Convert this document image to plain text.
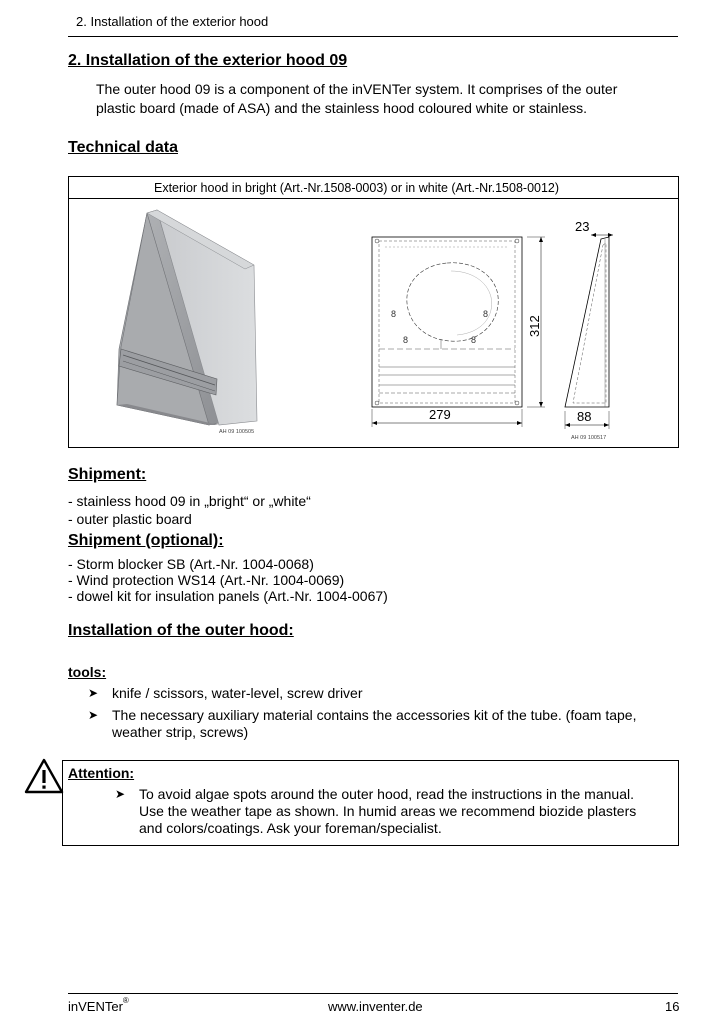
2. Installation of the exterior hood
2. Installation of the exterior hood 09
The outer hood 09 is a component of the inVENTer system. It comprises of the outer
plastic board (made of ASA) and the stainless hood coloured white or stainless.
Technical data
Exterior hood in bright (Art.-Nr.1508-0003) or in white (Art.-Nr.1508-0012)
AH 09 100505
8	8
8	8
279
312
23
88
AH 09 100517
Shipment:
- stainless hood 09 in „bright“ or „white“
- outer plastic board
Shipment (optional):
- Storm blocker SB (Art.-Nr. 1004-0068)
- Wind protection WS14 (Art.-Nr. 1004-0069)
- dowel kit for insulation panels (Art.-Nr. 1004-0067)
Installation of the outer hood:
tools:
➤ knife / scissors, water-level, screw driver
➤ The necessary auxiliary material contains the accessories kit of the tube. (foam tape,
weather strip, screws)
Attention:
➤ To avoid algae spots around the outer hood, read the instructions in the manual.
Use the weather tape as shown. In humid areas we recommend biozide plasters
and colors/coatings. Ask your foreman/specialist.
inVENTer®	www.inventer.de	16
